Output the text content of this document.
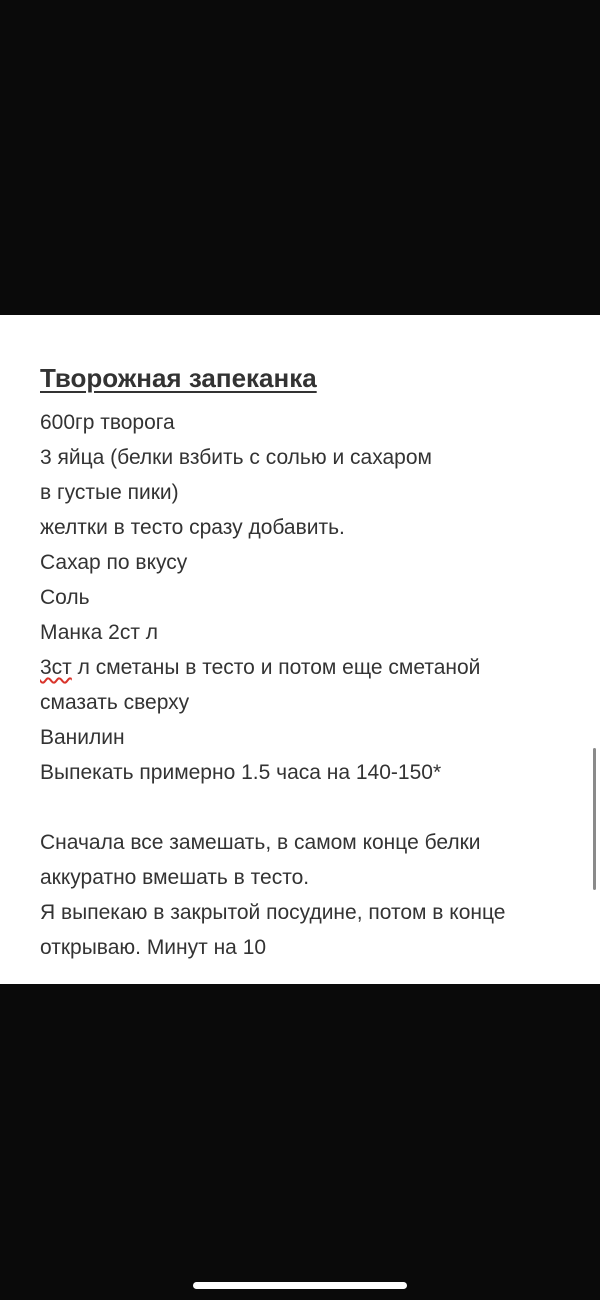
Творожная запеканка
600гр творога
3 яйца (белки взбить с солью и сахаром
в густые пики)
желтки в тесто сразу добавить.
Сахар по вкусу
Соль
Манка 2ст л
3ст л сметаны в тесто и потом еще сметаной
смазать сверху
Ванилин
Выпекать примерно 1.5 часа на 140-150*
Сначала все замешать, в самом конце белки
аккуратно вмешать в тесто.
Я выпекаю в закрытой посудине, потом в конце
открываю. Минут на 10
